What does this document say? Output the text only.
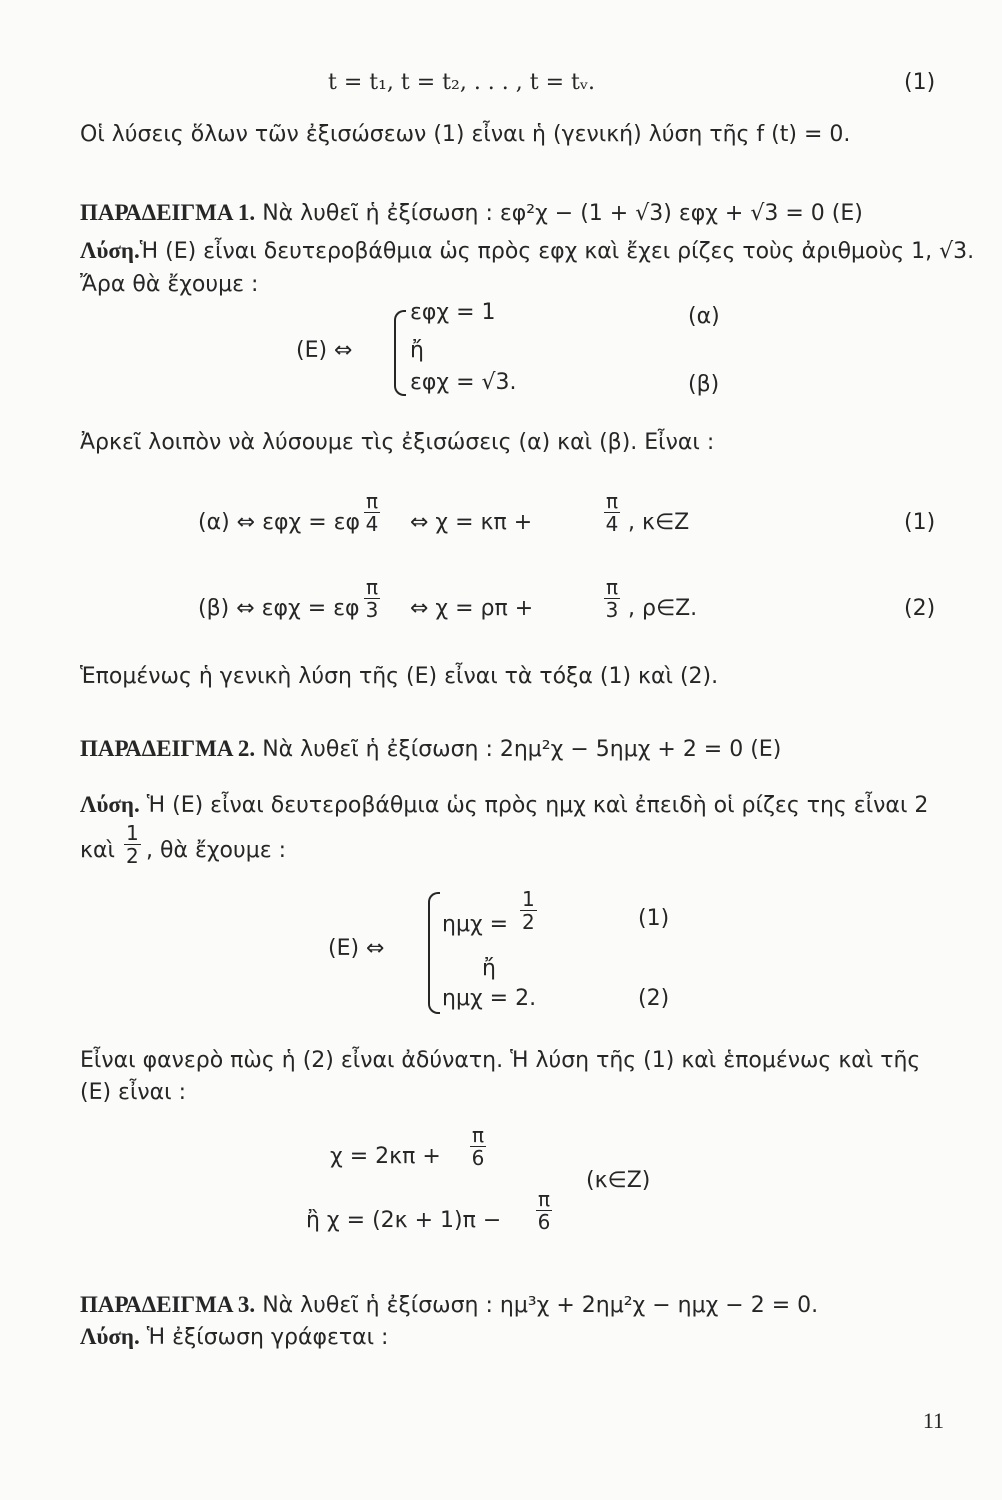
t = t₁, t = t₂, . . . , t = tᵥ.	(1)
Οἱ λύσεις ὅλων τῶν ἐξισώσεων (1) εἶναι ἡ (γενική) λύση τῆς f (t) = 0.
ΠΑΡΑΔΕΙΓΜΑ 1. Νὰ λυθεῖ ἡ ἐξίσωση : εφ²χ − (1 + √3) εφχ + √3 = 0 (Ε)
Λύση.Ἡ (Ε) εἶναι δευτεροβάθμια ὡς πρὸς εφχ καὶ ἔχει ρίζες τοὺς ἀριθμοὺς 1, √3.
Ἄρα θὰ ἔχουμε :
(Ε) ⇔
εφχ = 1
ἤ
εφχ = √3.
(α)
(β)
Ἀρκεῖ λοιπὸν νὰ λύσουμε τὶς ἐξισώσεις (α) καὶ (β). Εἶναι :
(α) ⇔ εφχ = εφ $\frac{\pi}{4}$ ⇔ χ = κπ +	$\frac{\pi}{4}$ , κ∈Z	(1)
(β) ⇔ εφχ = εφ $\frac{\pi}{3}$ ⇔ χ = ρπ +	$\frac{\pi}{3}$ , ρ∈Z.	(2)
Ἑπομένως ἡ γενικὴ λύση τῆς (Ε) εἶναι τὰ τόξα (1) καὶ (2).
ΠΑΡΑΔΕΙΓΜΑ 2. Νὰ λυθεῖ ἡ ἐξίσωση : 2ημ²χ − 5ημχ + 2 = 0 (Ε)
Λύση. Ἡ (Ε) εἶναι δευτεροβάθμια ὡς πρὸς ημχ καὶ ἐπειδὴ οἱ ρίζες της εἶναι 2
καὶ $\frac{1}{2}$ , θὰ ἔχουμε :
(Ε) ⇔
$\eta\mu\chi = \frac{1}{2}$
ἤ
ημχ = 2.
(1)
(2)
Εἶναι φανερὸ πὼς ἡ (2) εἶναι ἀδύνατη. Ἡ λύση τῆς (1) καὶ ἑπομένως καὶ τῆς
(Ε) εἶναι :
$\chi = 2\kappa\pi + \frac{\pi}{6}$
(κ∈Z)
ἢ $\chi = (2\kappa + 1)\pi - \frac{\pi}{6}$
ΠΑΡΑΔΕΙΓΜΑ 3. Νὰ λυθεῖ ἡ ἐξίσωση : ημ³χ + 2ημ²χ − ημχ − 2 = 0.
Λύση. Ἡ ἐξίσωση γράφεται :
11
